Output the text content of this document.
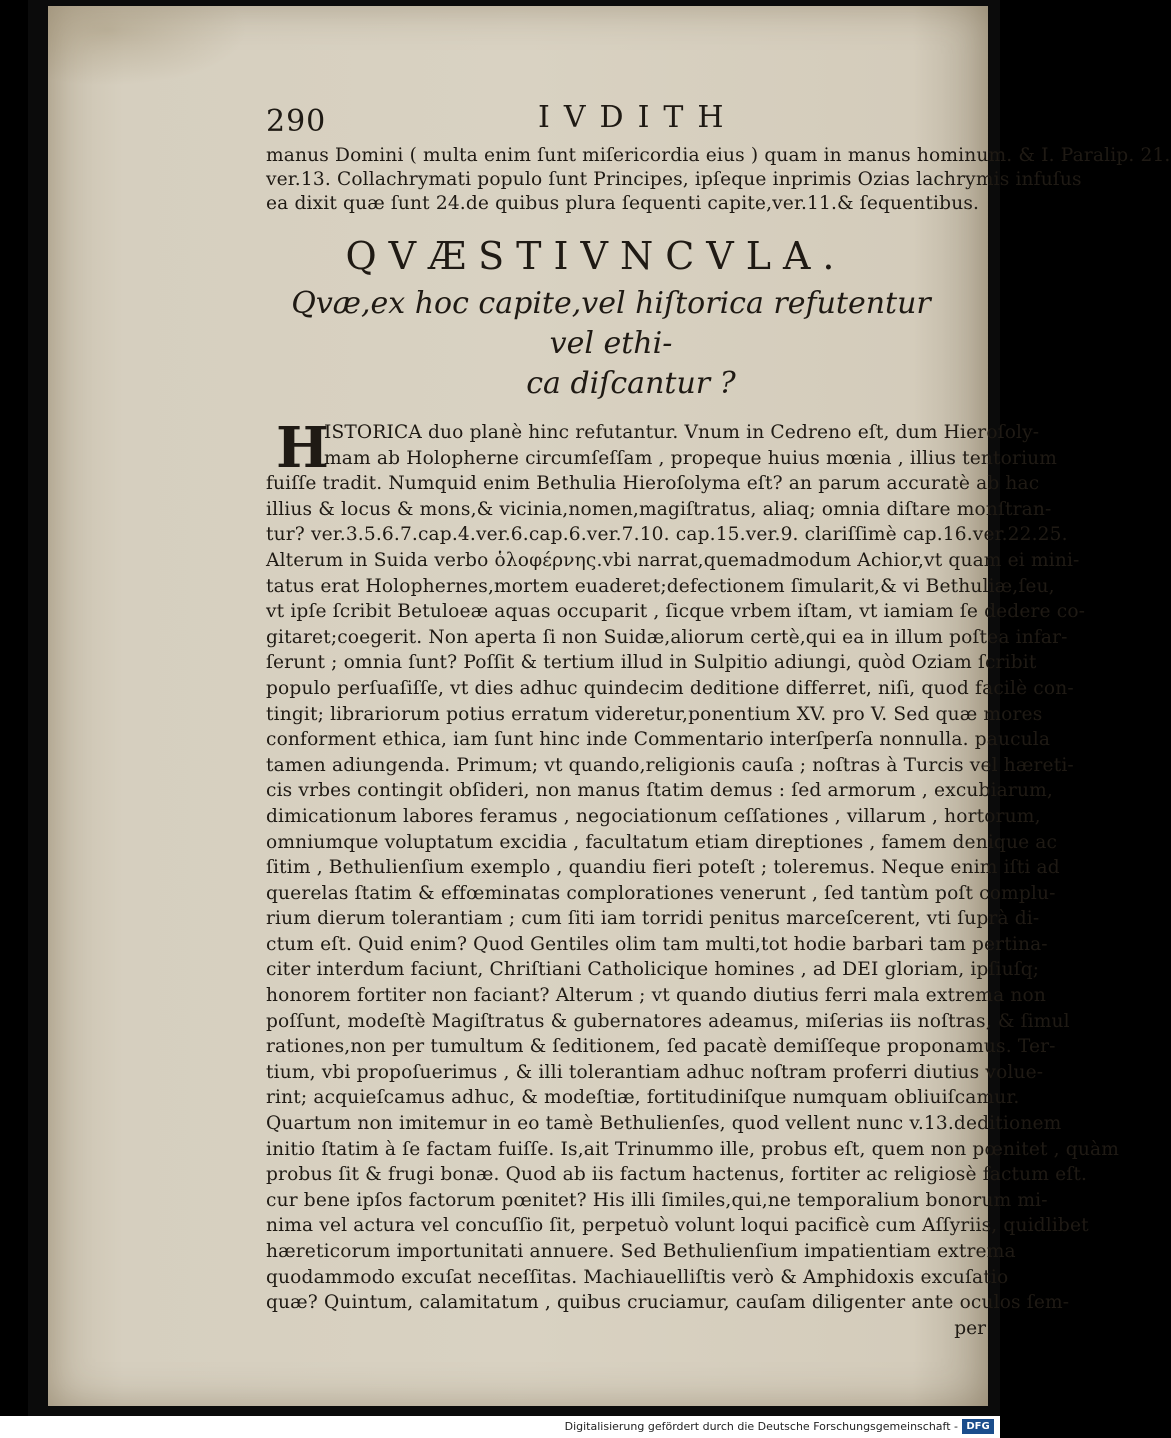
290	IVDITH
manus Domini ( multa enim ſunt miſericordia eius ) quam in manus hominum. & I. Paralip. 21.
ver.13. Collachrymati populo ſunt Principes, ipſeque inprimis Ozias lachrymis infuſus
ea dixit quæ ſunt 24.de quibus plura ſequenti capite,ver.11.& ſequentibus.
QVÆSTIVNCVLA.
Qvæ,ex hoc capite,vel hiſtorica refutentur vel ethi-
ca diſcantur ?
H
ISTORICA duo planè hinc refutantur. Vnum in Cedreno eſt, dum Hieroſoly-
mam ab Holopherne circumſeſſam , propeque huius mœnia , illius tentorium
fuiſſe tradit. Numquid enim Bethulia Hieroſolyma eſt? an parum accuratè ab hac
illius & locus & mons,& vicinia,nomen,magiſtratus, aliaq; omnia diſtare monſtran-
tur? ver.3.5.6.7.cap.4.ver.6.cap.6.ver.7.10. cap.15.ver.9. clariſſimè cap.16.ver.22.25.
Alterum in Suida verbo ὁλοφέρνης.vbi narrat,quemadmodum Achior,vt quam ei mini-
tatus erat Holophernes,mortem euaderet;defectionem ſimularit,& vi Bethuliæ,ſeu,
vt ipſe ſcribit Betuloeæ aquas occuparit , ſicque vrbem iſtam, vt iamiam ſe dedere co-
gitaret;coegerit. Non aperta ſi non Suidæ,aliorum certè,qui ea in illum poſtea infar-
ſerunt ; omnia ſunt? Poſſit & tertium illud in Sulpitio adiungi, quòd Oziam ſcribit
populo perſuaſiſſe, vt dies adhuc quindecim deditione differret, niſi, quod facilè con-
tingit; librariorum potius erratum videretur,ponentium XV. pro V. Sed quæ mores
conforment ethica, iam ſunt hinc inde Commentario interſperſa nonnulla. paucula
tamen adiungenda. Primum; vt quando,religionis cauſa ; noſtras à Turcis vel hæreti-
cis vrbes contingit obſideri, non manus ſtatim demus : ſed armorum , excubiarum,
dimicationum labores feramus , negociationum ceſſationes , villarum , hortorum,
omniumque voluptatum excidia , facultatum etiam direptiones , famem denique ac
ſitim , Bethulienſium exemplo , quandiu fieri poteſt ; toleremus. Neque enim iſti ad
querelas ſtatim & effœminatas complorationes venerunt , ſed tantùm poſt complu-
rium dierum tolerantiam ; cum ſiti iam torridi penitus marceſcerent, vti ſuprà di-
ctum eſt. Quid enim? Quod Gentiles olim tam multi,tot hodie barbari tam pertina-
citer interdum faciunt, Chriſtiani Catholicique homines , ad DEI gloriam, ipſiuſq;
honorem fortiter non faciant? Alterum ; vt quando diutius ferri mala extrema non
poſſunt, modeſtè Magiſtratus & gubernatores adeamus, miſerias iis noſtras, & ſimul
rationes,non per tumultum & ſeditionem, ſed pacatè demiſſeque proponamus. Ter-
tium, vbi propoſuerimus , & illi tolerantiam adhuc noſtram proferri diutius volue-
rint; acquieſcamus adhuc, & modeſtiæ, fortitudiniſque numquam obliuiſcamur.
Quartum non imitemur in eo tamè Bethulienſes, quod vellent nunc v.13.deditionem
initio ſtatim à ſe factam fuiſſe. Is,ait Trinummo ille, probus eſt, quem non pœnitet , quàm
probus ſit & frugi bonæ. Quod ab iis factum hactenus, fortiter ac religiosè factum eſt.
cur bene ipſos factorum pœnitet? His illi ſimiles,qui,ne temporalium bonorum mi-
nima vel actura vel concuſſio ſit, perpetuò volunt loqui pacificè cum Aſſyriis, quidlibet
hæreticorum importunitati annuere. Sed Bethulienſium impatientiam extrema
quodammodo excuſat neceſſitas. Machiauelliſtis verò & Amphidoxis excuſatio
quæ? Quintum, calamitatum , quibus cruciamur, cauſam diligenter ante oculos ſem-
per
Digitalisierung gefördert durch die Deutsche Forschungsgemeinschaft - DFG
